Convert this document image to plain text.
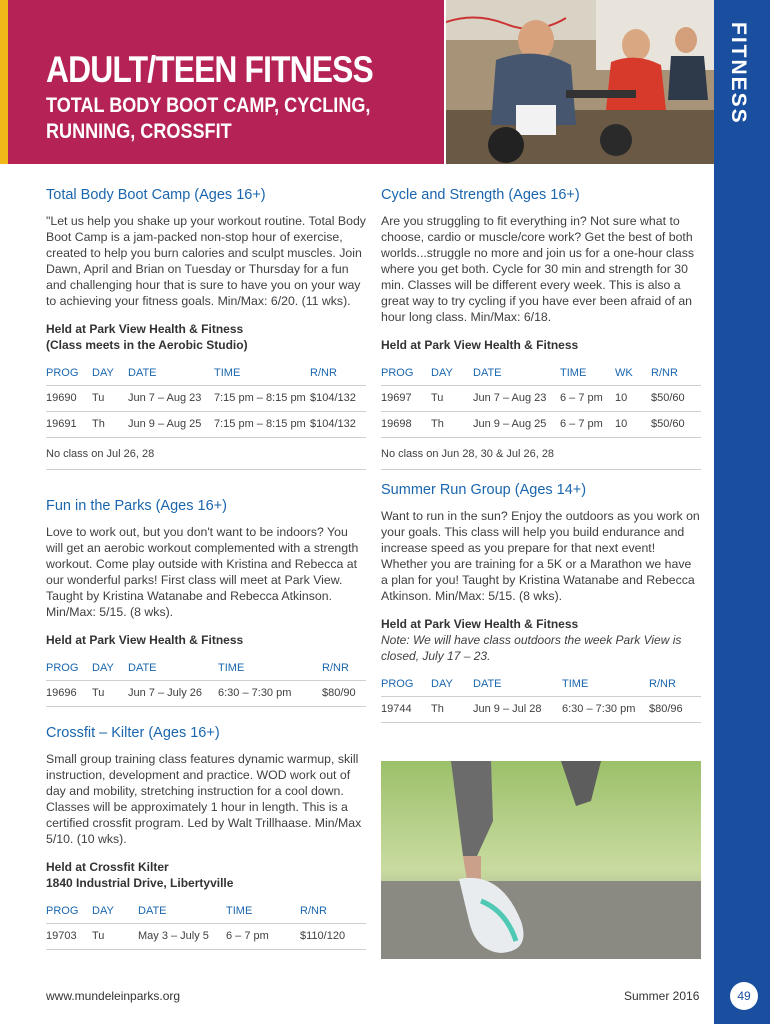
ADULT/TEEN FITNESS
TOTAL BODY BOOT CAMP, CYCLING, RUNNING, CROSSFIT
FITNESS
49
Total Body Boot Camp (Ages 16+)

"Let us help you shake up your workout routine. Total Body Boot Camp is a jam-packed non-stop hour of exercise, created to help you burn calories and sculpt muscles. Join Dawn, April and Brian on Tuesday or Thursday for a fun and challenging hour that is sure to have you on your way to achieving your fitness goals. Min/Max: 6/20. (11 wks).

Held at Park View Health & Fitness
(Class meets in the Aerobic Studio)
PROG	DAY	DATE	TIME	R/NR
19690	Tu	Jun 7 – Aug 23	7:15 pm – 8:15 pm	$104/132
19691	Th	Jun 9 – Aug 25	7:15 pm – 8:15 pm	$104/132
No class on Jul 26, 28
Fun in the Parks (Ages 16+)

Love to work out, but you don't want to be indoors? You will get an aerobic workout complemented with a strength workout. Come play outside with Kristina and Rebecca at our wonderful parks! First class will meet at Park View. Taught by Kristina Watanabe and Rebecca Atkinson. Min/Max: 5/15. (8 wks).

Held at Park View Health & Fitness
PROG	DAY	DATE	TIME	R/NR
19696	Tu	Jun 7 – July 26	6:30 – 7:30 pm	$80/90
Crossfit – Kilter (Ages 16+)

Small group training class features dynamic warmup, skill instruction, development and practice. WOD work out of day and mobility, stretching instruction for a cool down. Classes will be approximately 1 hour in length. This is a certified crossfit program. Led by Walt Trillhaase. Min/Max 5/10. (10 wks).

Held at Crossfit Kilter
1840 Industrial Drive, Libertyville
PROG	DAY	DATE	TIME	R/NR
19703	Tu	May 3 – July 5	6 – 7 pm	$110/120
Cycle and Strength (Ages 16+)

Are you struggling to fit everything in? Not sure what to choose, cardio or muscle/core work? Get the best of both worlds...struggle no more and join us for a one-hour class where you get both. Cycle for 30 min and strength for 30 min. Classes will be different every week. This is also a great way to try cycling if you have ever been afraid of an hour long class. Min/Max: 6/18.

Held at Park View Health & Fitness
PROG	DAY	DATE	TIME	WK	R/NR
19697	Tu	Jun 7 – Aug 23	6 – 7 pm	10	$50/60
19698	Th	Jun 9 – Aug 25	6 – 7 pm	10	$50/60
No class on Jun 28, 30 & Jul 26, 28
Summer Run Group (Ages 14+)

Want to run in the sun? Enjoy the outdoors as you work on your goals. This class will help you build endurance and increase speed as you prepare for that next event! Whether you are training for a 5K or a Marathon we have a plan for you! Taught by Kristina Watanabe and Rebecca Atkinson. Min/Max: 5/15. (8 wks).

Held at Park View Health & Fitness
Note: We will have class outdoors the week Park View is closed, July 17 – 23.
PROG	DAY	DATE	TIME	R/NR
19744	Th	Jun 9 – Jul 28	6:30 – 7:30 pm	$80/96
www.mundeleinparks.org	Summer 2016
